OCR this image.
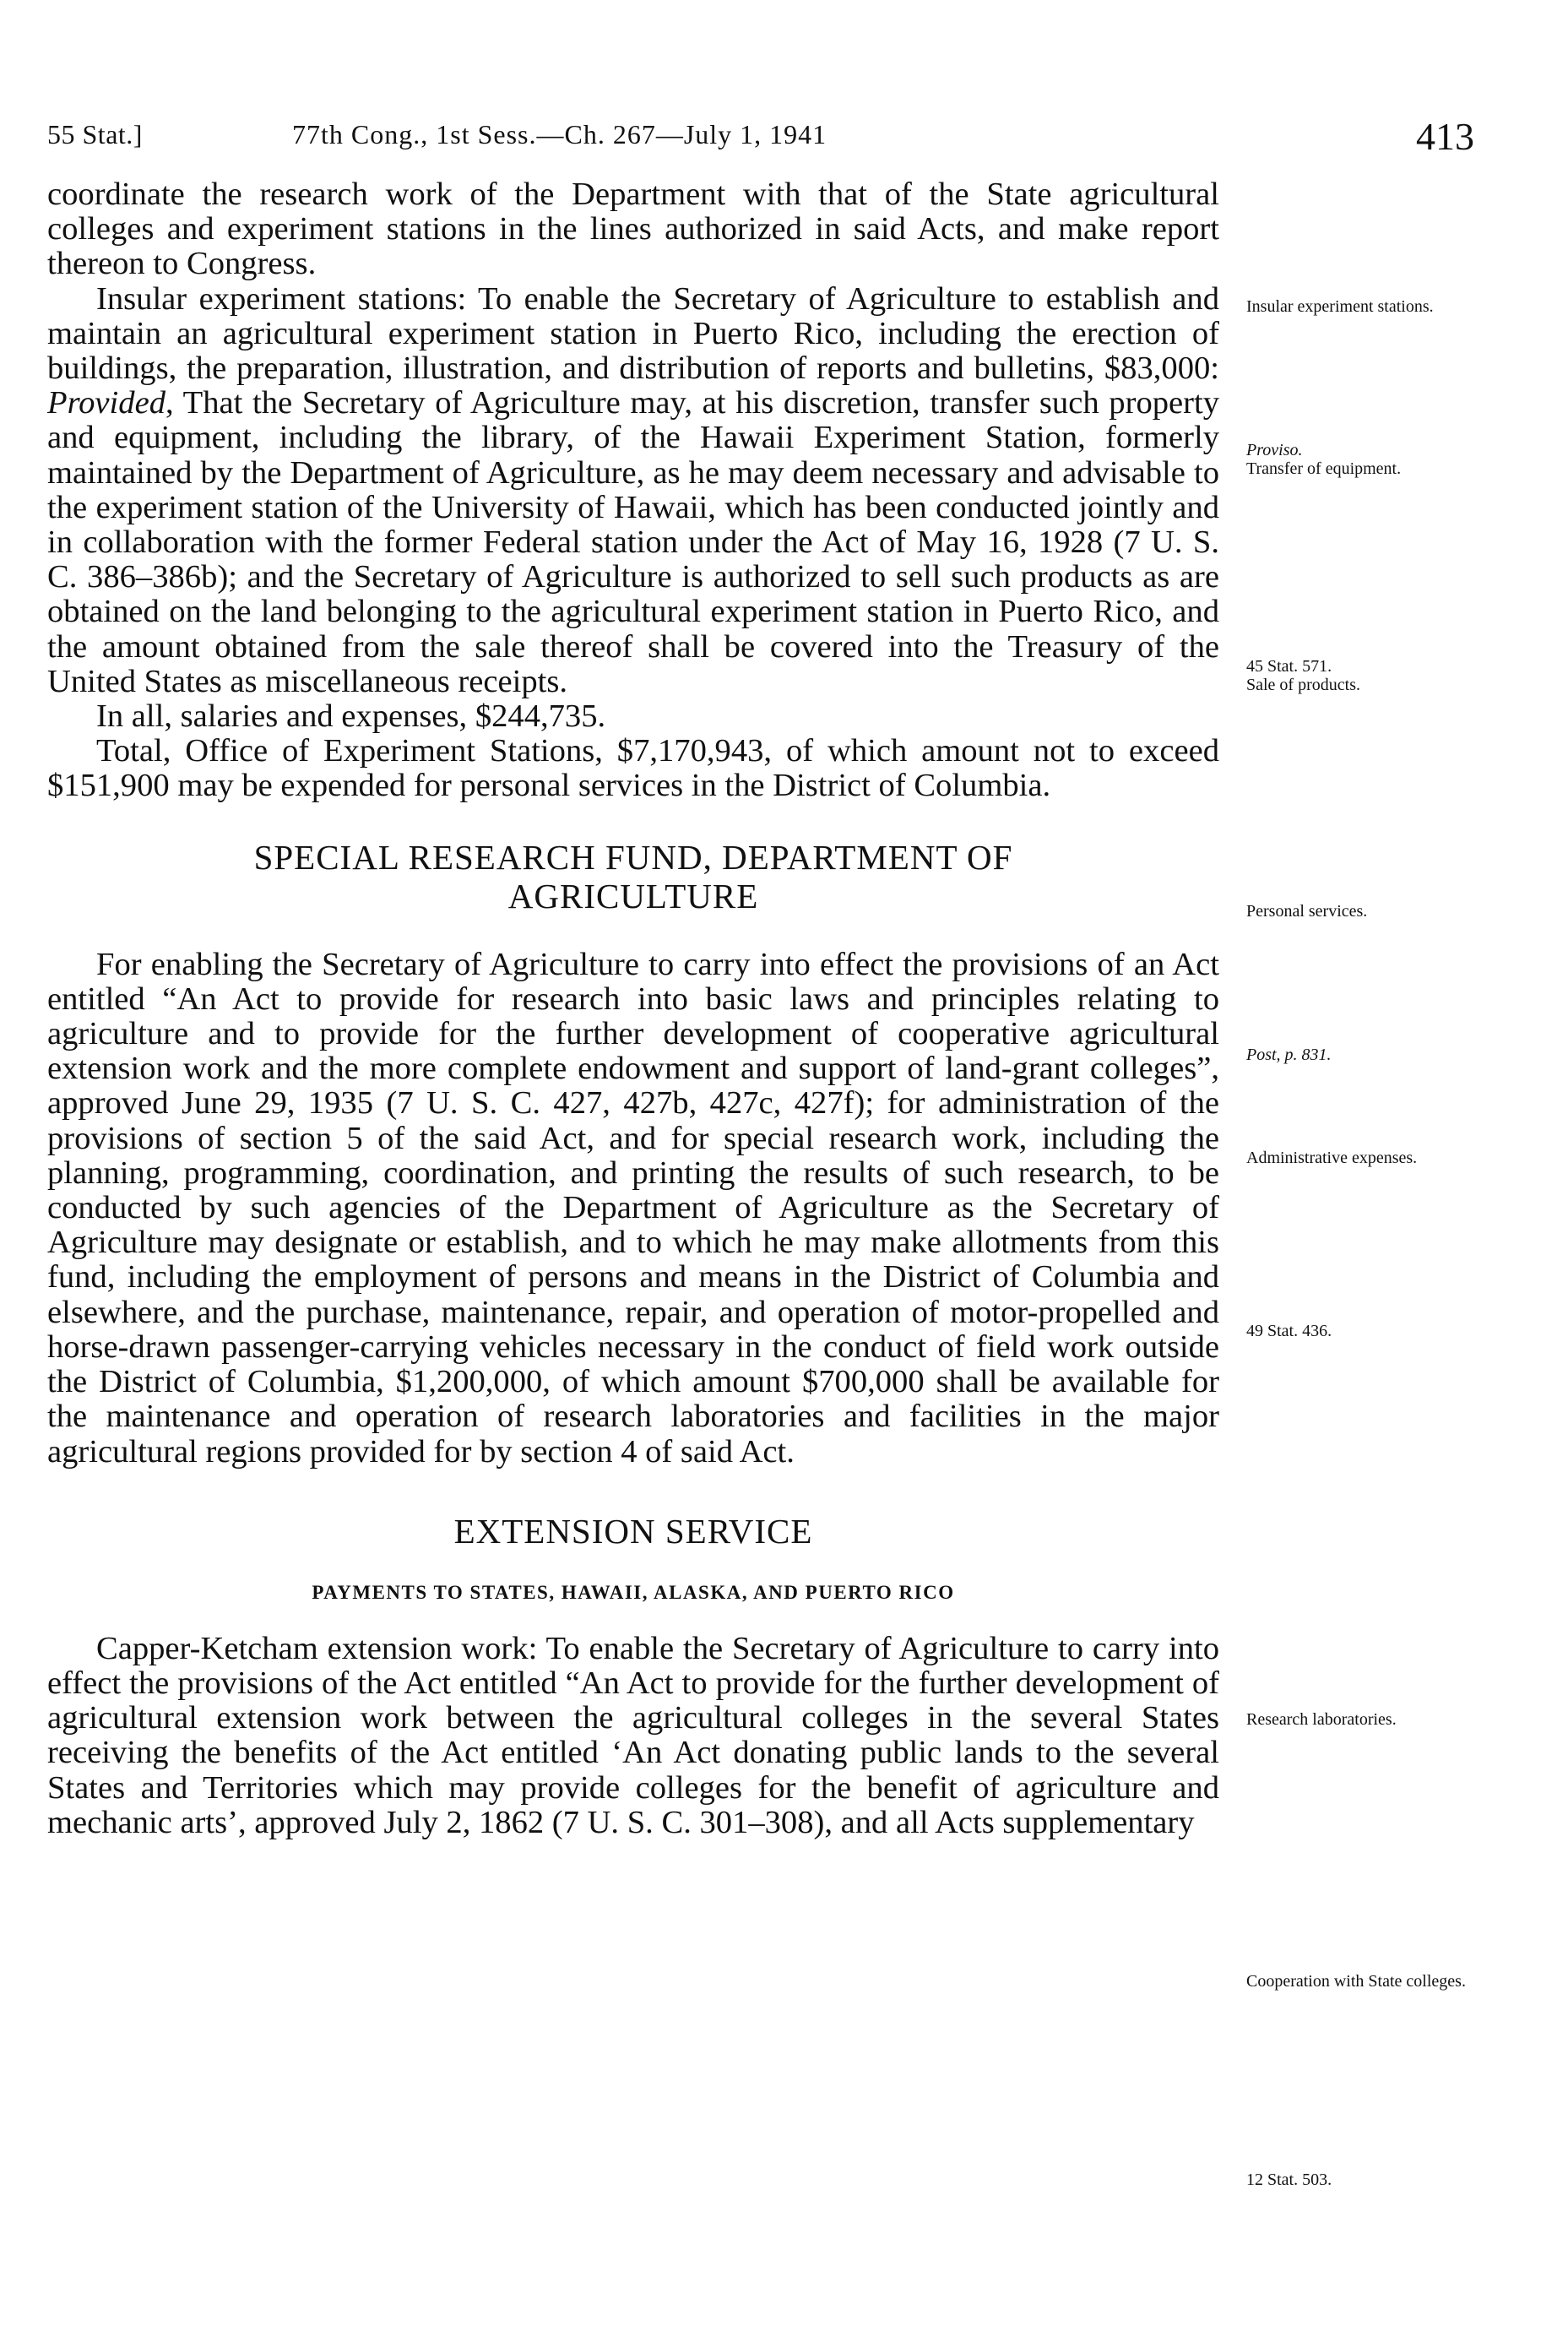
55 Stat.]	77th Cong., 1st Sess.—Ch. 267—July 1, 1941	413

coordinate the research work of the Department with that of the State agricultural colleges and experiment stations in the lines authorized in said Acts, and make report thereon to Congress.

Insular experiment stations: To enable the Secretary of Agriculture to establish and maintain an agricultural experiment station in Puerto Rico, including the erection of buildings, the preparation, illustration, and distribution of reports and bulletins, $83,000: Provided, That the Secretary of Agriculture may, at his discretion, transfer such property and equipment, including the library, of the Hawaii Experiment Station, formerly maintained by the Department of Agriculture, as he may deem necessary and advisable to the experiment station of the University of Hawaii, which has been conducted jointly and in collaboration with the former Federal station under the Act of May 16, 1928 (7 U. S. C. 386–386b); and the Secretary of Agriculture is authorized to sell such products as are obtained on the land belonging to the agricultural experiment station in Puerto Rico, and the amount obtained from the sale thereof shall be covered into the Treasury of the United States as miscellaneous receipts.

In all, salaries and expenses, $244,735.

Total, Office of Experiment Stations, $7,170,943, of which amount not to exceed $151,900 may be expended for personal services in the District of Columbia.

SPECIAL RESEARCH FUND, DEPARTMENT OF

AGRICULTURE

For enabling the Secretary of Agriculture to carry into effect the provisions of an Act entitled “An Act to provide for research into basic laws and principles relating to agriculture and to provide for the further development of cooperative agricultural extension work and the more complete endowment and support of land-grant colleges”, approved June 29, 1935 (7 U. S. C. 427, 427b, 427c, 427f); for administration of the provisions of section 5 of the said Act, and for special research work, including the planning, programming, coordination, and printing the results of such research, to be conducted by such agencies of the Department of Agriculture as the Secretary of Agriculture may designate or establish, and to which he may make allotments from this fund, including the employment of persons and means in the District of Columbia and elsewhere, and the purchase, maintenance, repair, and operation of motor-propelled and horse-drawn passenger-carrying vehicles necessary in the conduct of field work outside the District of Columbia, $1,200,000, of which amount $700,000 shall be available for the maintenance and operation of research laboratories and facilities in the major agricultural regions provided for by section 4 of said Act.

EXTENSION SERVICE

PAYMENTS TO STATES, HAWAII, ALASKA, AND PUERTO RICO

Capper-Ketcham extension work: To enable the Secretary of Agriculture to carry into effect the provisions of the Act entitled “An Act to provide for the further development of agricultural extension work between the agricultural colleges in the several States receiving the benefits of the Act entitled ‘An Act donating public lands to the several States and Territories which may provide colleges for the benefit of agriculture and mechanic arts’, approved July 2, 1862 (7 U. S. C. 301–308), and all Acts supplementary

Insular experiment stations.
Proviso.
Transfer of equipment.
45 Stat. 571.
Sale of products.
Personal services.
Post, p. 831.
Administrative expenses.
49 Stat. 436.
Research laboratories.
Cooperation with State colleges.
12 Stat. 503.
